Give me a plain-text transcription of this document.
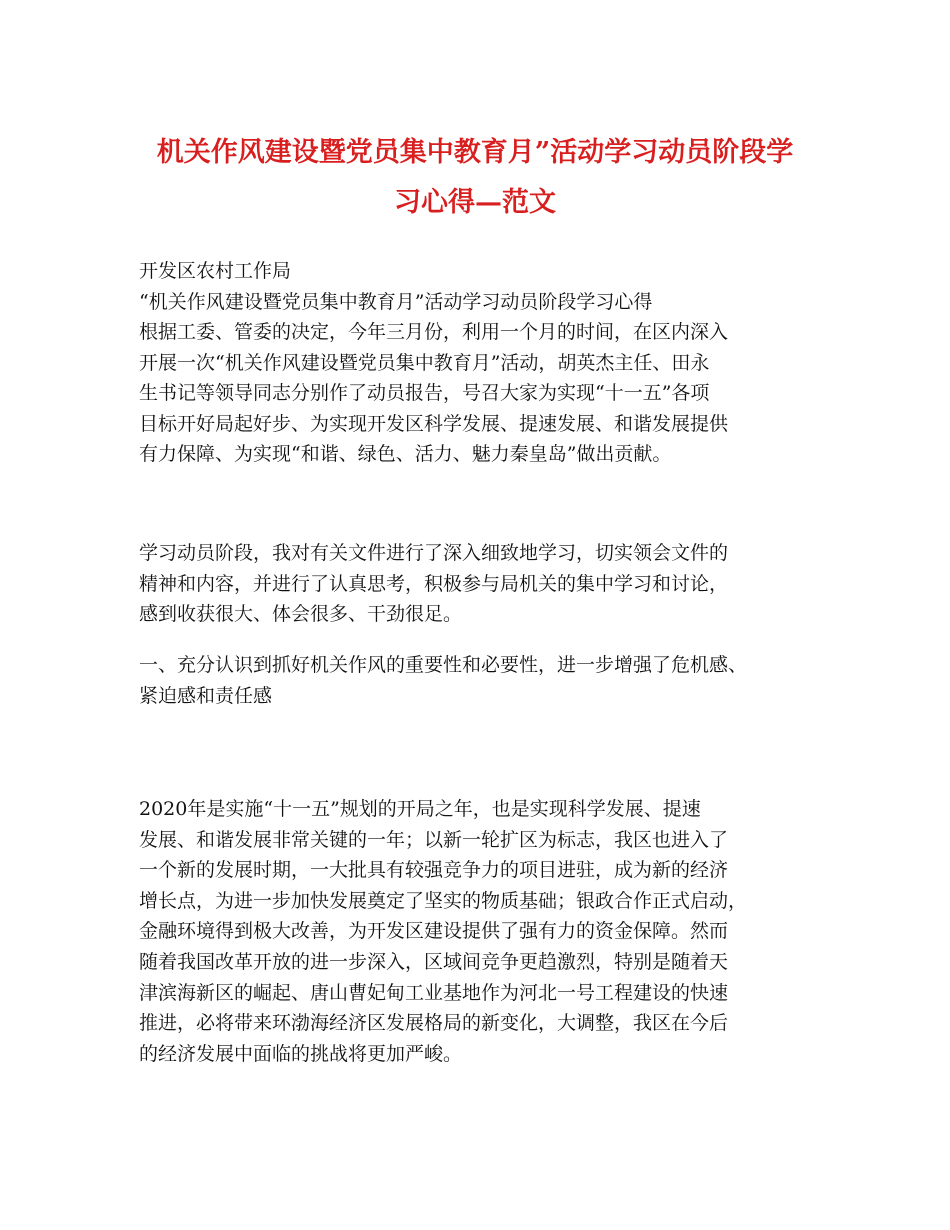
机关作风建设暨党员集中教育月”活动学习动员阶段学
习心得—范文
开发区农村工作局
“机关作风建设暨党员集中教育月”活动学习动员阶段学习心得
根据工委、管委的决定，今年三月份，利用一个月的时间，在区内深入
开展一次“机关作风建设暨党员集中教育月”活动，胡英杰主任、田永
生书记等领导同志分别作了动员报告，号召大家为实现“十一五”各项
目标开好局起好步、为实现开发区科学发展、提速发展、和谐发展提供
有力保障、为实现“和谐、绿色、活力、魅力秦皇岛”做出贡献。
学习动员阶段，我对有关文件进行了深入细致地学习，切实领会文件的
精神和内容，并进行了认真思考，积极参与局机关的集中学习和讨论，
感到收获很大、体会很多、干劲很足。
一、充分认识到抓好机关作风的重要性和必要性，进一步增强了危机感、
紧迫感和责任感
2020年是实施“十一五”规划的开局之年，也是实现科学发展、提速
发展、和谐发展非常关键的一年；以新一轮扩区为标志，我区也进入了
一个新的发展时期，一大批具有较强竞争力的项目进驻，成为新的经济
增长点，为进一步加快发展奠定了坚实的物质基础；银政合作正式启动，
金融环境得到极大改善，为开发区建设提供了强有力的资金保障。然而
随着我国改革开放的进一步深入，区域间竞争更趋激烈，特别是随着天
津滨海新区的崛起、唐山曹妃甸工业基地作为河北一号工程建设的快速
推进，必将带来环渤海经济区发展格局的新变化，大调整，我区在今后
的经济发展中面临的挑战将更加严峻。
